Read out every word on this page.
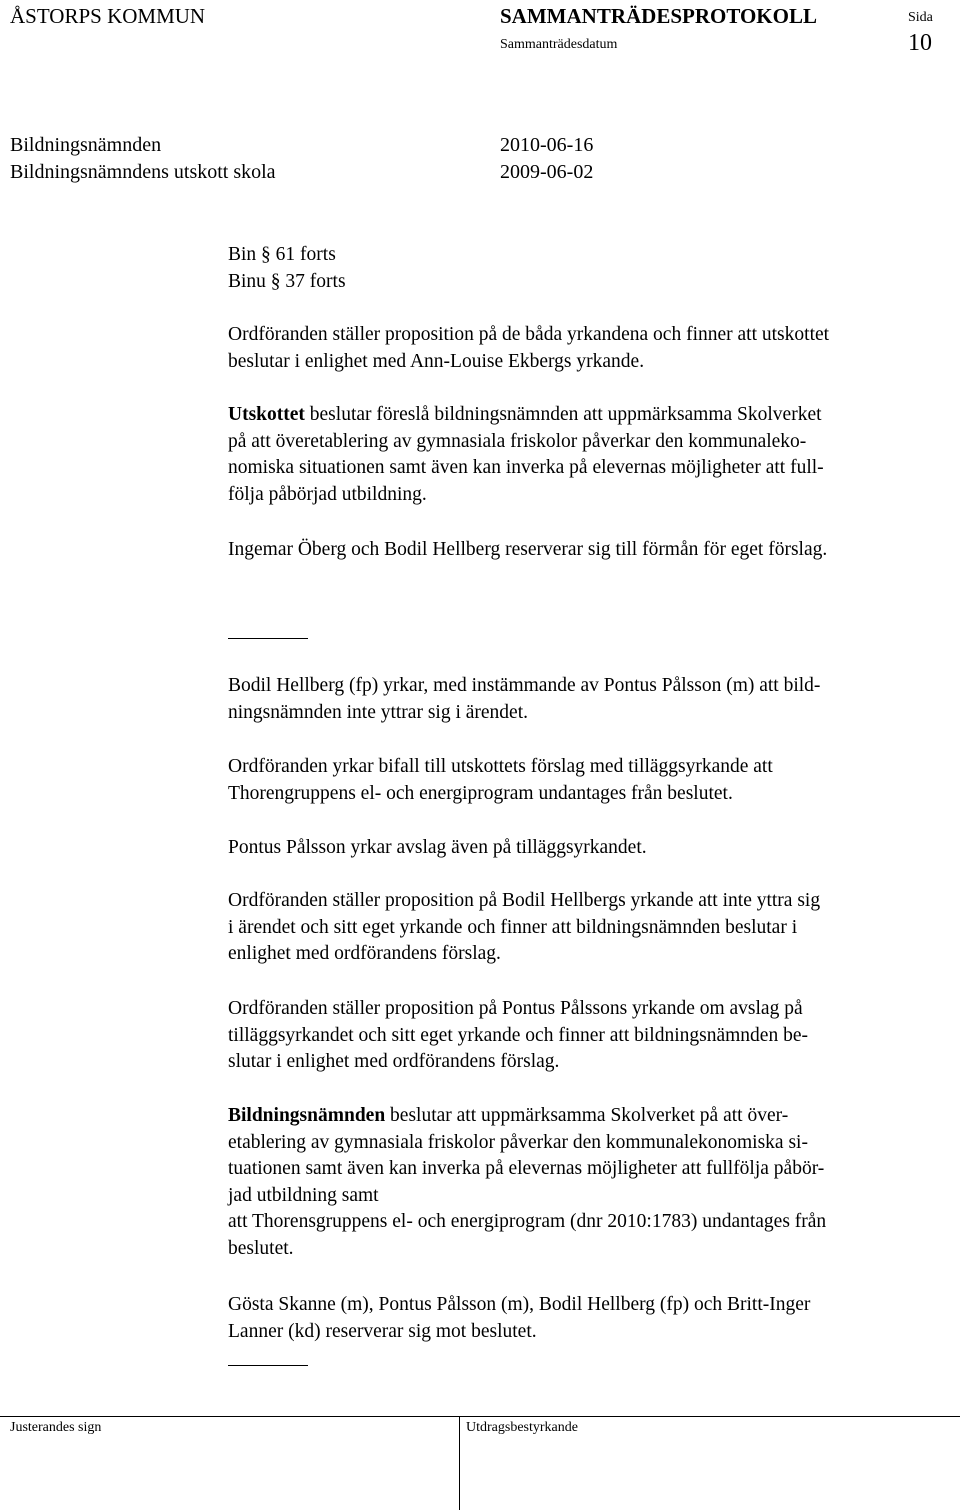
ÅSTORPS KOMMUN	SAMMANTRÄDESPROTOKOLL	Sida
Sammanträdesdatum	10
Bildningsnämnden	2010-06-16
Bildningsnämndens utskott skola	2009-06-02
Bin § 61 forts
Binu § 37 forts
Ordföranden ställer proposition på de båda yrkandena och finner att utskottet
beslutar i enlighet med Ann-Louise Ekbergs yrkande.
Utskottet beslutar föreslå bildningsnämnden att uppmärksamma Skolverket
på att överetablering av gymnasiala friskolor påverkar den kommunaleko-
nomiska situationen samt även kan inverka på elevernas möjligheter att full-
följa påbörjad utbildning.
Ingemar Öberg och Bodil Hellberg reserverar sig till förmån för eget förslag.
Bodil Hellberg (fp) yrkar, med instämmande av Pontus Pålsson (m) att bild-
ningsnämnden inte yttrar sig i ärendet.
Ordföranden yrkar bifall till utskottets förslag med tilläggsyrkande att
Thorengruppens el- och energiprogram undantages från beslutet.
Pontus Pålsson yrkar avslag även på tilläggsyrkandet.
Ordföranden ställer proposition på Bodil Hellbergs yrkande att inte yttra sig
i ärendet och sitt eget yrkande och finner att bildningsnämnden beslutar i
enlighet med ordförandens förslag.
Ordföranden ställer proposition på Pontus Pålssons yrkande om avslag på
tilläggsyrkandet och sitt eget yrkande och finner att bildningsnämnden be-
slutar i enlighet med ordförandens förslag.
Bildningsnämnden beslutar att uppmärksamma Skolverket på att över-
etablering av gymnasiala friskolor påverkar den kommunalekonomiska si-
tuationen samt även kan inverka på elevernas möjligheter att fullfölja påbör-
jad utbildning samt
att Thorensgruppens el- och energiprogram (dnr 2010:1783) undantages från
beslutet.
Gösta Skanne (m), Pontus Pålsson (m), Bodil Hellberg (fp) och Britt-Inger
Lanner (kd) reserverar sig mot beslutet.
Justerandes sign	Utdragsbestyrkande
